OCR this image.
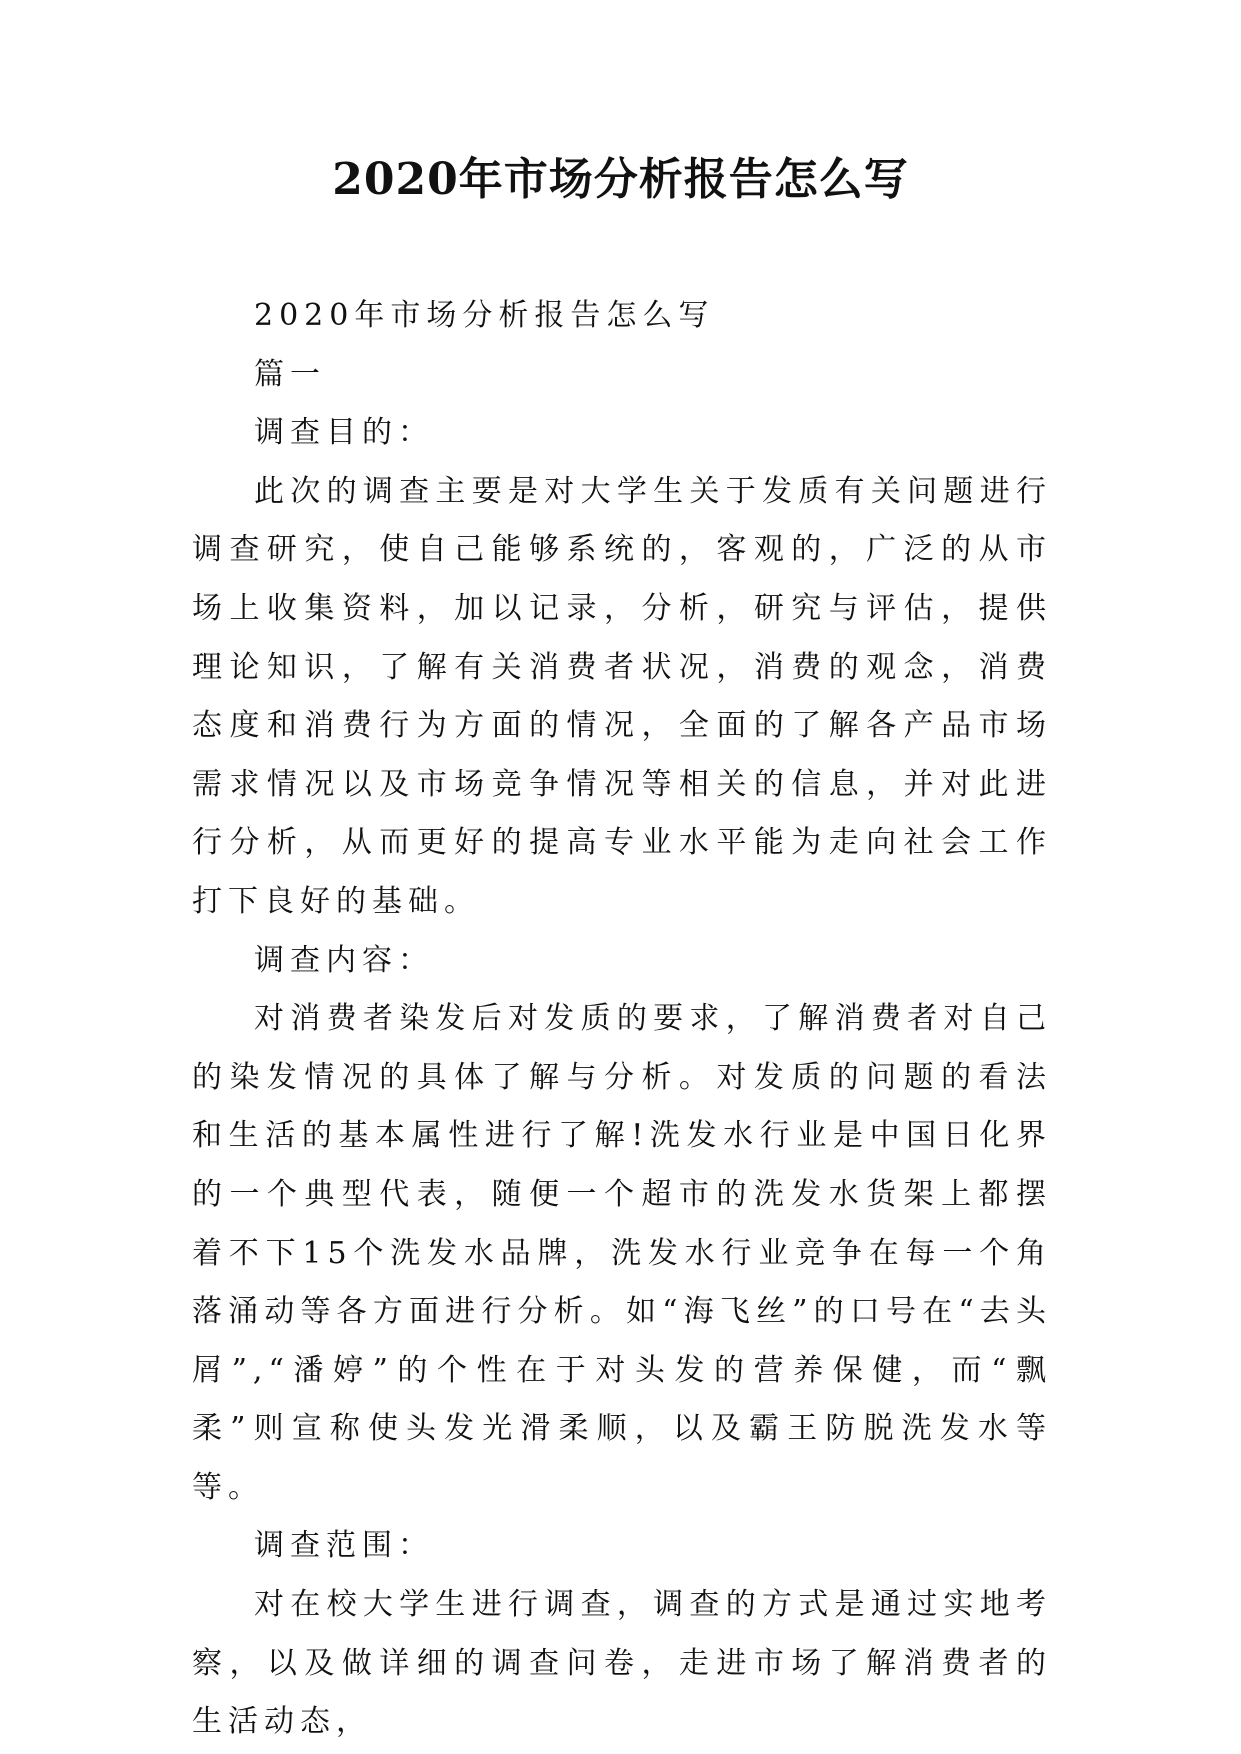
2020年市场分析报告怎么写

2020年市场分析报告怎么写

篇一

调查目的：

此次的调查主要是对大学生关于发质有关问题进行调查研究，使自己能够系统的，客观的，广泛的从市场上收集资料，加以记录，分析，研究与评估，提供理论知识，了解有关消费者状况，消费的观念，消费态度和消费行为方面的情况，全面的了解各产品市场需求情况以及市场竞争情况等相关的信息，并对此进行分析，从而更好的提高专业水平能为走向社会工作打下良好的基础。

调查内容：

对消费者染发后对发质的要求，了解消费者对自己的染发情况的具体了解与分析。对发质的问题的看法和生活的基本属性进行了解!洗发水行业是中国日化界的一个典型代表，随便一个超市的洗发水货架上都摆着不下15个洗发水品牌，洗发水行业竞争在每一个角落涌动等各方面进行分析。如“海飞丝”的口号在“去头屑”,“潘婷”的个性在于对头发的营养保健，而“飘柔”则宣称使头发光滑柔顺，以及霸王防脱洗发水等等。

调查范围：

对在校大学生进行调查，调查的方式是通过实地考察，以及做详细的调查问卷，走进市场了解消费者的生活动态，
